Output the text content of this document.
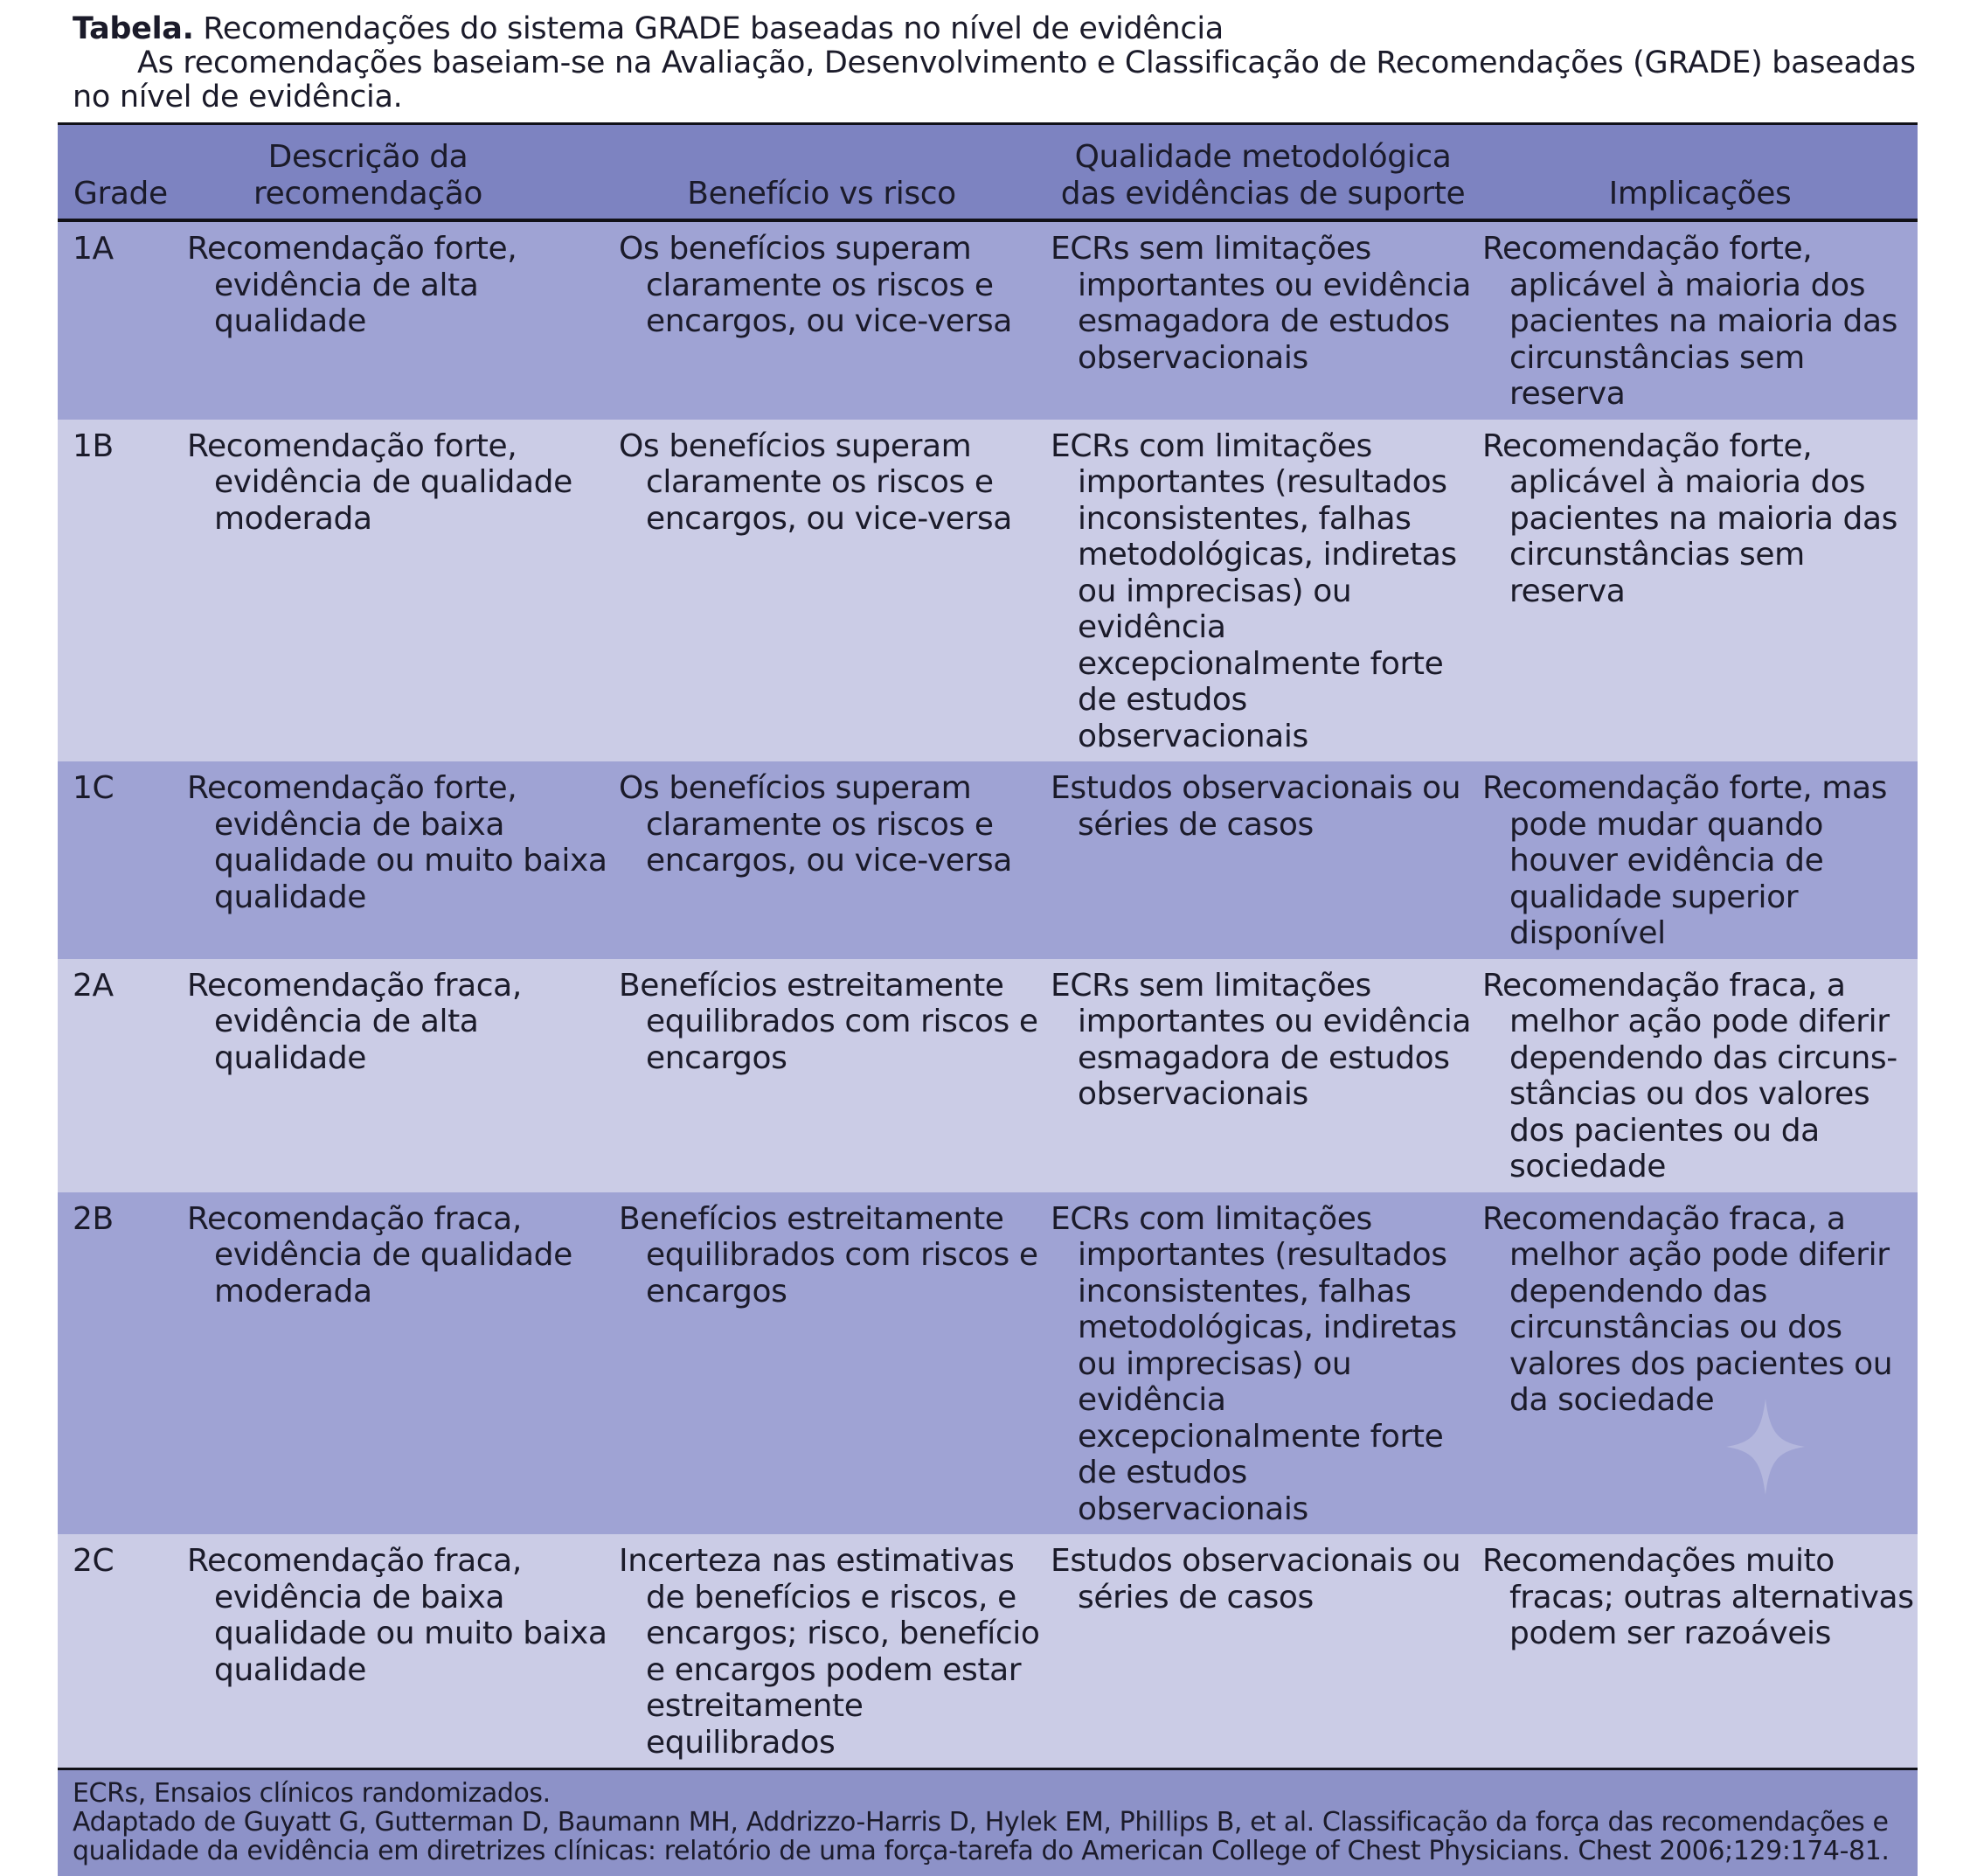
Tabela. Recomendações do sistema GRADE baseadas no nível de evidência
As recomendações baseiam-se na Avaliação, Desenvolvimento e Classificação de Recomendações (GRADE) baseadas no nível de evidência.
Grade	Descrição da recomendação	Benefício vs risco	Qualidade metodológica das evidências de suporte	Implicações
1A	Recomendação forte, evidência de alta qualidade	Os benefícios superam claramente os riscos e encargos, ou vice-versa	ECRs sem limitações importantes ou evidência esmagadora de estudos observacionais	Recomendação forte, aplicável à maioria dos pacientes na maioria das circunstâncias sem reserva

1B	Recomendação forte, evidência de qualidade moderada	Os benefícios superam claramente os riscos e encargos, ou vice-versa	ECRs com limitações importantes (resultados inconsistentes, falhas metodológicas, indiretas ou imprecisas) ou evidência excepcionalmente forte de estudos observacionais	Recomendação forte, aplicável à maioria dos pacientes na maioria das circunstâncias sem reserva

1C	Recomendação forte, evidência de baixa qualidade ou muito baixa qualidade	Os benefícios superam claramente os riscos e encargos, ou vice-versa	Estudos observacionais ou séries de casos	Recomendação forte, mas pode mudar quando houver evidência de qualidade superior disponível

2A	Recomendação fraca, evidência de alta qualidade	Benefícios estreitamente equilibrados com riscos e encargos	ECRs sem limitações importantes ou evidência esmagadora de estudos observacionais	Recomendação fraca, a melhor ação pode diferir dependendo das circuns-stâncias ou dos valores dos pacientes ou da sociedade

2B	Recomendação fraca, evidência de qualidade moderada	Benefícios estreitamente equilibrados com riscos e encargos	ECRs com limitações importantes (resultados inconsistentes, falhas metodológicas, indiretas ou imprecisas) ou evidência excepcionalmente forte de estudos observacionais	Recomendação fraca, a melhor ação pode diferir dependendo das circunstâncias ou dos valores dos pacientes ou da sociedade

2C	Recomendação fraca, evidência de baixa qualidade ou muito baixa qualidade	Incerteza nas estimativas de benefícios e riscos, e encargos; risco, benefício e encargos podem estar estreitamente equilibrados	Estudos observacionais ou séries de casos	Recomendações muito fracas; outras alternativas podem ser razoáveis
ECRs, Ensaios clínicos randomizados.
Adaptado de Guyatt G, Gutterman D, Baumann MH, Addrizzo-Harris D, Hylek EM, Phillips B, et al. Classificação da força das recomendações e qualidade da evidência em diretrizes clínicas: relatório de uma força-tarefa do American College of Chest Physicians. Chest 2006;129:174-81.
